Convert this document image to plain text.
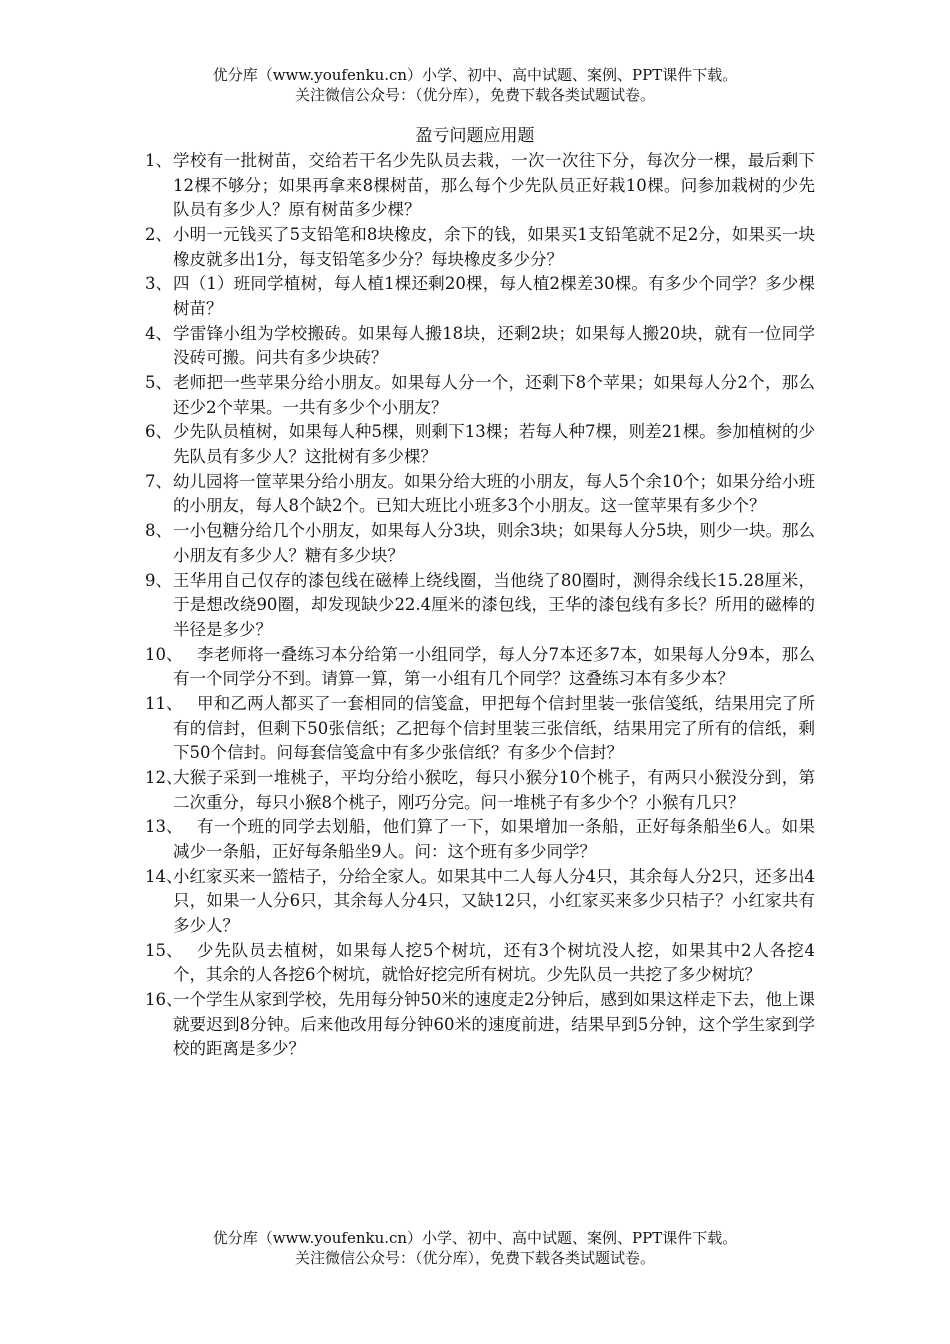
优分库（www.youfenku.cn）小学、初中、高中试题、案例、PPT课件下载。
关注微信公众号：（优分库），免费下载各类试题试卷。
盈亏问题应用题
1、 学校有一批树苗，交给若干名少先队员去栽，一次一次往下分，每次分一棵，最后剩下12棵不够分；如果再拿来8棵树苗，那么每个少先队员正好栽10棵。问参加栽树的少先队员有多少人？原有树苗多少棵？
2、 小明一元钱买了5支铅笔和8块橡皮，余下的钱，如果买1支铅笔就不足2分，如果买一块橡皮就多出1分，每支铅笔多少分？每块橡皮多少分？
3、 四（1）班同学植树，每人植1棵还剩20棵，每人植2棵差30棵。有多少个同学？多少棵树苗？
4、 学雷锋小组为学校搬砖。如果每人搬18块，还剩2块；如果每人搬20块，就有一位同学没砖可搬。问共有多少块砖？
5、 老师把一些苹果分给小朋友。如果每人分一个，还剩下8个苹果；如果每人分2个，那么还少2个苹果。一共有多少个小朋友？
6、 少先队员植树，如果每人种5棵，则剩下13棵；若每人种7棵，则差21棵。参加植树的少先队员有多少人？这批树有多少棵？
7、 幼儿园将一筐苹果分给小朋友。如果分给大班的小朋友，每人5个余10个；如果分给小班的小朋友，每人8个缺2个。已知大班比小班多3个小朋友。这一筐苹果有多少个？
8、 一小包糖分给几个小朋友，如果每人分3块，则余3块；如果每人分5块，则少一块。那么小朋友有多少人？糖有多少块？
9、 王华用自己仅存的漆包线在磁棒上绕线圈，当他绕了80圈时，测得余线长15.28厘米，于是想改绕90圈，却发现缺少22.4厘米的漆包线，王华的漆包线有多长？所用的磁棒的半径是多少？
10、 李老师将一叠练习本分给第一小组同学，每人分7本还多7本，如果每人分9本，那么有一个同学分不到。请算一算，第一小组有几个同学？这叠练习本有多少本？
11、 甲和乙两人都买了一套相同的信笺盒，甲把每个信封里装一张信笺纸，结果用完了所有的信封，但剩下50张信纸；乙把每个信封里装三张信纸，结果用完了所有的信纸，剩下50个信封。问每套信笺盒中有多少张信纸？有多少个信封？
12、
大猴子采到一堆桃子，平均分给小猴吃，每只小猴分10个桃子，有两只小猴没分到，第二次重分，每只小猴8个桃子，刚巧分完。问一堆桃子有多少个？小猴有几只？
13、 有一个班的同学去划船，他们算了一下，如果增加一条船，正好每条船坐6人。如果减少一条船，正好每条船坐9人。问：这个班有多少同学？
14、
小红家买来一篮桔子，分给全家人。如果其中二人每人分4只，其余每人分2只，还多出4只，如果一人分6只，其余每人分4只，又缺12只，小红家买来多少只桔子？小红家共有多少人？
15、 少先队员去植树，如果每人挖5个树坑，还有3个树坑没人挖，如果其中2人各挖4个，其余的人各挖6个树坑，就恰好挖完所有树坑。少先队员一共挖了多少树坑？
16、
一个学生从家到学校，先用每分钟50米的速度走2分钟后，感到如果这样走下去，他上课就要迟到8分钟。后来他改用每分钟60米的速度前进，结果早到5分钟，这个学生家到学校的距离是多少？
优分库（www.youfenku.cn）小学、初中、高中试题、案例、PPT课件下载。
关注微信公众号：（优分库），免费下载各类试题试卷。
